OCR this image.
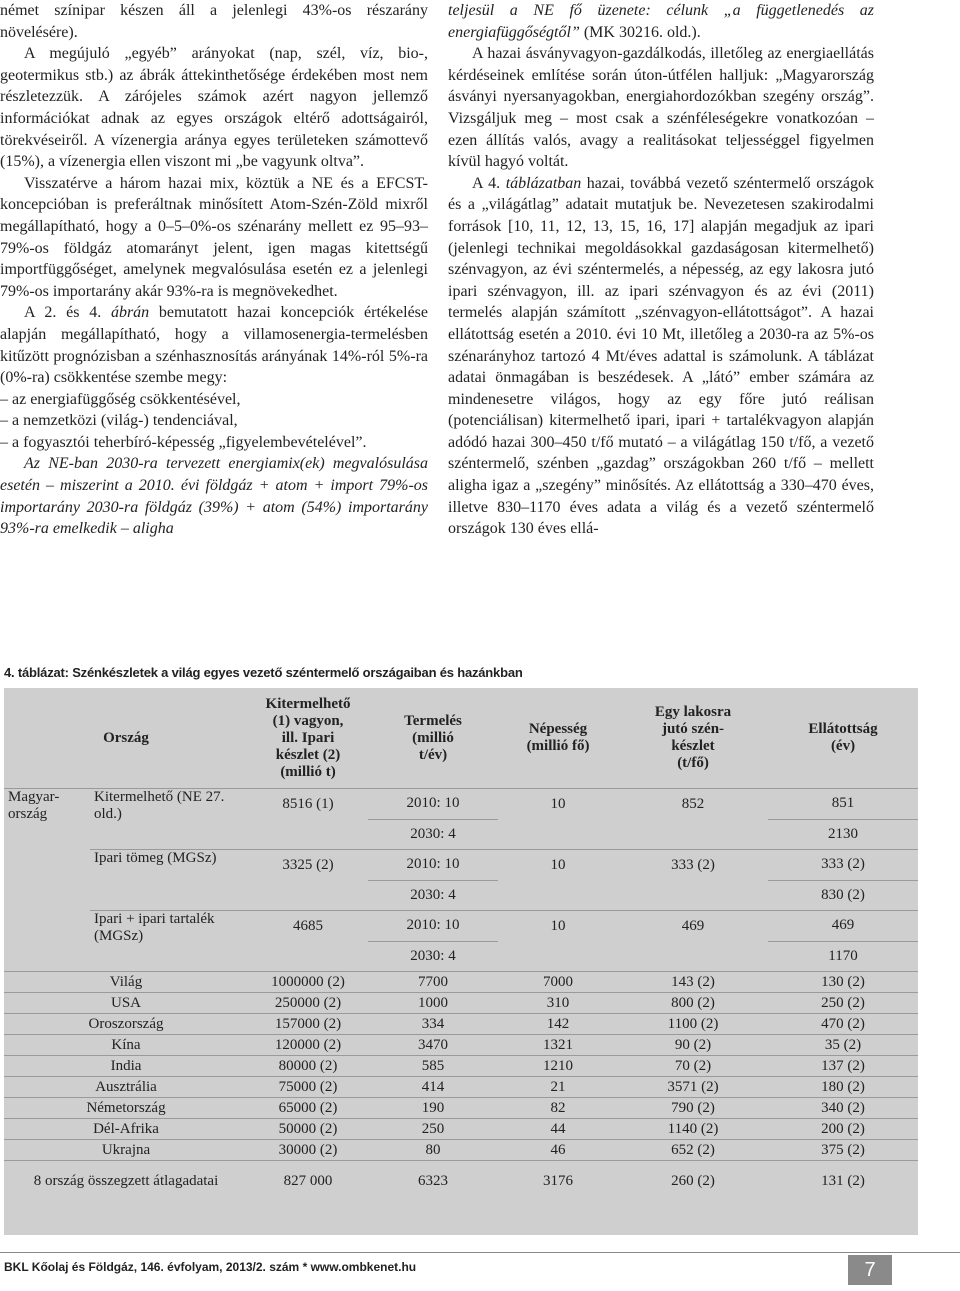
német színipar készen áll a jelenlegi 43%-os részarány növelésére).

A megújuló „egyéb” arányokat (nap, szél, víz, bio-, geotermikus stb.) az ábrák áttekinthetősége érdekében most nem részletezzük. A zárójeles számok azért nagyon jellemző információkat adnak az egyes országok eltérő adottságairól, törekvéseiről. A vízenergia aránya egyes területeken számottevő (15%), a vízenergia ellen viszont mi „be vagyunk oltva”.

Visszatérve a három hazai mix, köztük a NE és a EFCST-koncepcióban is preferáltnak minősített Atom-Szén-Zöld mixről megállapítható, hogy a 0–5–0%-os szénarány mellett ez 95–93–79%-os földgáz atomarányt jelent, igen magas kitettségű importfüggőséget, amelynek megvalósulása esetén ez a jelenlegi 79%-os importarány akár 93%-ra is megnövekedhet.

A 2. és 4. ábrán bemutatott hazai koncepciók értékelése alapján megállapítható, hogy a villamosenergia-termelésben kitűzött prognózisban a szénhasznosítás arányának 14%-ról 5%-ra (0%-ra) csökkentése szembe megy:

– az energiafüggőség csökkentésével,

– a nemzetközi (világ-) tendenciával,

– a fogyasztói teherbíró-képesség „figyelembevételével”.

Az NE-ban 2030-ra tervezett energiamix(ek) megvalósulása esetén – miszerint a 2010. évi földgáz + atom + import 79%-os importarány 2030-ra földgáz (39%) + atom (54%) importarány 93%-ra emelkedik – aligha

teljesül a NE fő üzenete: célunk „a függetlenedés az energiafüggőségtől” (MK 30216. old.).

A hazai ásványvagyon-gazdálkodás, illetőleg az energiaellátás kérdéseinek említése során úton-útfélen halljuk: „Magyarország ásványi nyersanyagokban, energiahordozókban szegény ország”. Vizsgáljuk meg – most csak a szénféleségekre vonatkozóan – ezen állítás valós, avagy a realitásokat teljességgel figyelmen kívül hagyó voltát.

A 4. táblázatban hazai, továbbá vezető széntermelő országok és a „világátlag” adatait mutatjuk be. Nevezetesen szakirodalmi források [10, 11, 12, 13, 15, 16, 17] alapján megadjuk az ipari (jelenlegi technikai megoldásokkal gazdaságosan kitermelhető) szénvagyon, az évi széntermelés, a népesség, az egy lakosra jutó ipari szénvagyon, ill. az ipari szénvagyon és az évi (2011) termelés alapján számított „szénvagyon-ellátottságot”. A hazai ellátottság esetén a 2010. évi 10 Mt, illetőleg a 2030-ra az 5%-os szénarányhoz tartozó 4 Mt/éves adattal is számolunk. A táblázat adatai önmagában is beszédesek. A „látó” ember számára az mindenesetre világos, hogy az egy főre jutó reálisan (potenciálisan) kitermelhető ipari, ipari + tartalékvagyon alapján adódó hazai 300–450 t/fő mutató – a világátlag 150 t/fő, a vezető széntermelő, szénben „gazdag” országokban 260 t/fő – mellett aligha igaz a „szegény” minősítés. Az ellátottság a 330–470 éves, illetve 830–1170 éves adata a világ és a vezető széntermelő országok 130 éves ellá-

4. táblázat: Szénkészletek a világ egyes vezető széntermelő országaiban és hazánkban
Ország		Kitermelhető
(1) vagyon,
ill. Ipari
készlet (2)
(millió t)	Termelés
(millió
t/év)	Népesség
(millió fő)	Egy lakosra
jutó szén-
készlet
(t/fő)	Ellátottság
(év)

Magyar-ország	Kitermelhető (NE 27. old.)	8516 (1)	2010: 10	10	852	851
			2030: 4			2130
	Ipari tömeg (MGSz)	3325 (2)	2010: 10	10	333 (2)	333 (2)
			2030: 4			830 (2)
	Ipari + ipari tartalék (MGSz)	4685	2010: 10	10	469	469
			2030: 4			1170
Világ		1000000 (2)	7700	7000	143 (2)	130 (2)
USA		250000 (2)	1000	310	800 (2)	250 (2)
Oroszország		157000 (2)	334	142	1100 (2)	470 (2)
Kína		120000 (2)	3470	1321	90 (2)	35 (2)
India		80000 (2)	585	1210	70 (2)	137 (2)
Ausztrália		75000 (2)	414	21	3571 (2)	180 (2)
Németország		65000 (2)	190	82	790 (2)	340 (2)
Dél-Afrika		50000 (2)	250	44	1140 (2)	200 (2)
Ukrajna		30000 (2)	80	46	652 (2)	375 (2)
8 ország összegzett átlagadatai		827 000	6323	3176	260 (2)	131 (2)
BKL Kőolaj és Földgáz, 146. évfolyam, 2013/2. szám * www.ombkenet.hu	7
